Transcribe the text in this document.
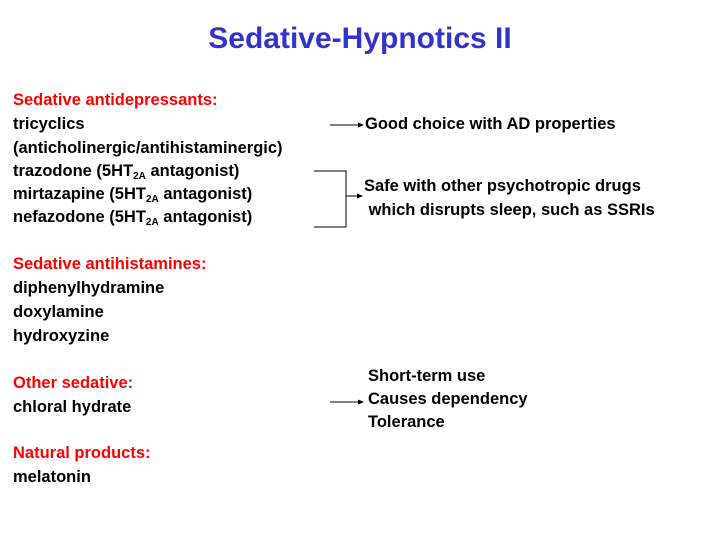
Sedative-Hypnotics II
Sedative antidepressants:
tricyclics
(anticholinergic/antihistaminergic)
trazodone ($5HT_{2A}$ antagonist)
mirtazapine ($5HT_{2A}$ antagonist)
nefazodone ($5HT_{2A}$ antagonist)
Sedative antihistamines:
diphenylhydramine
doxylamine
hydroxyzine
Other sedative:
chloral hydrate
Natural products:
melatonin
Good choice with AD properties
Safe with other psychotropic drugs
which disrupts sleep, such as SSRIs
Short-term use
Causes dependency
Tolerance
